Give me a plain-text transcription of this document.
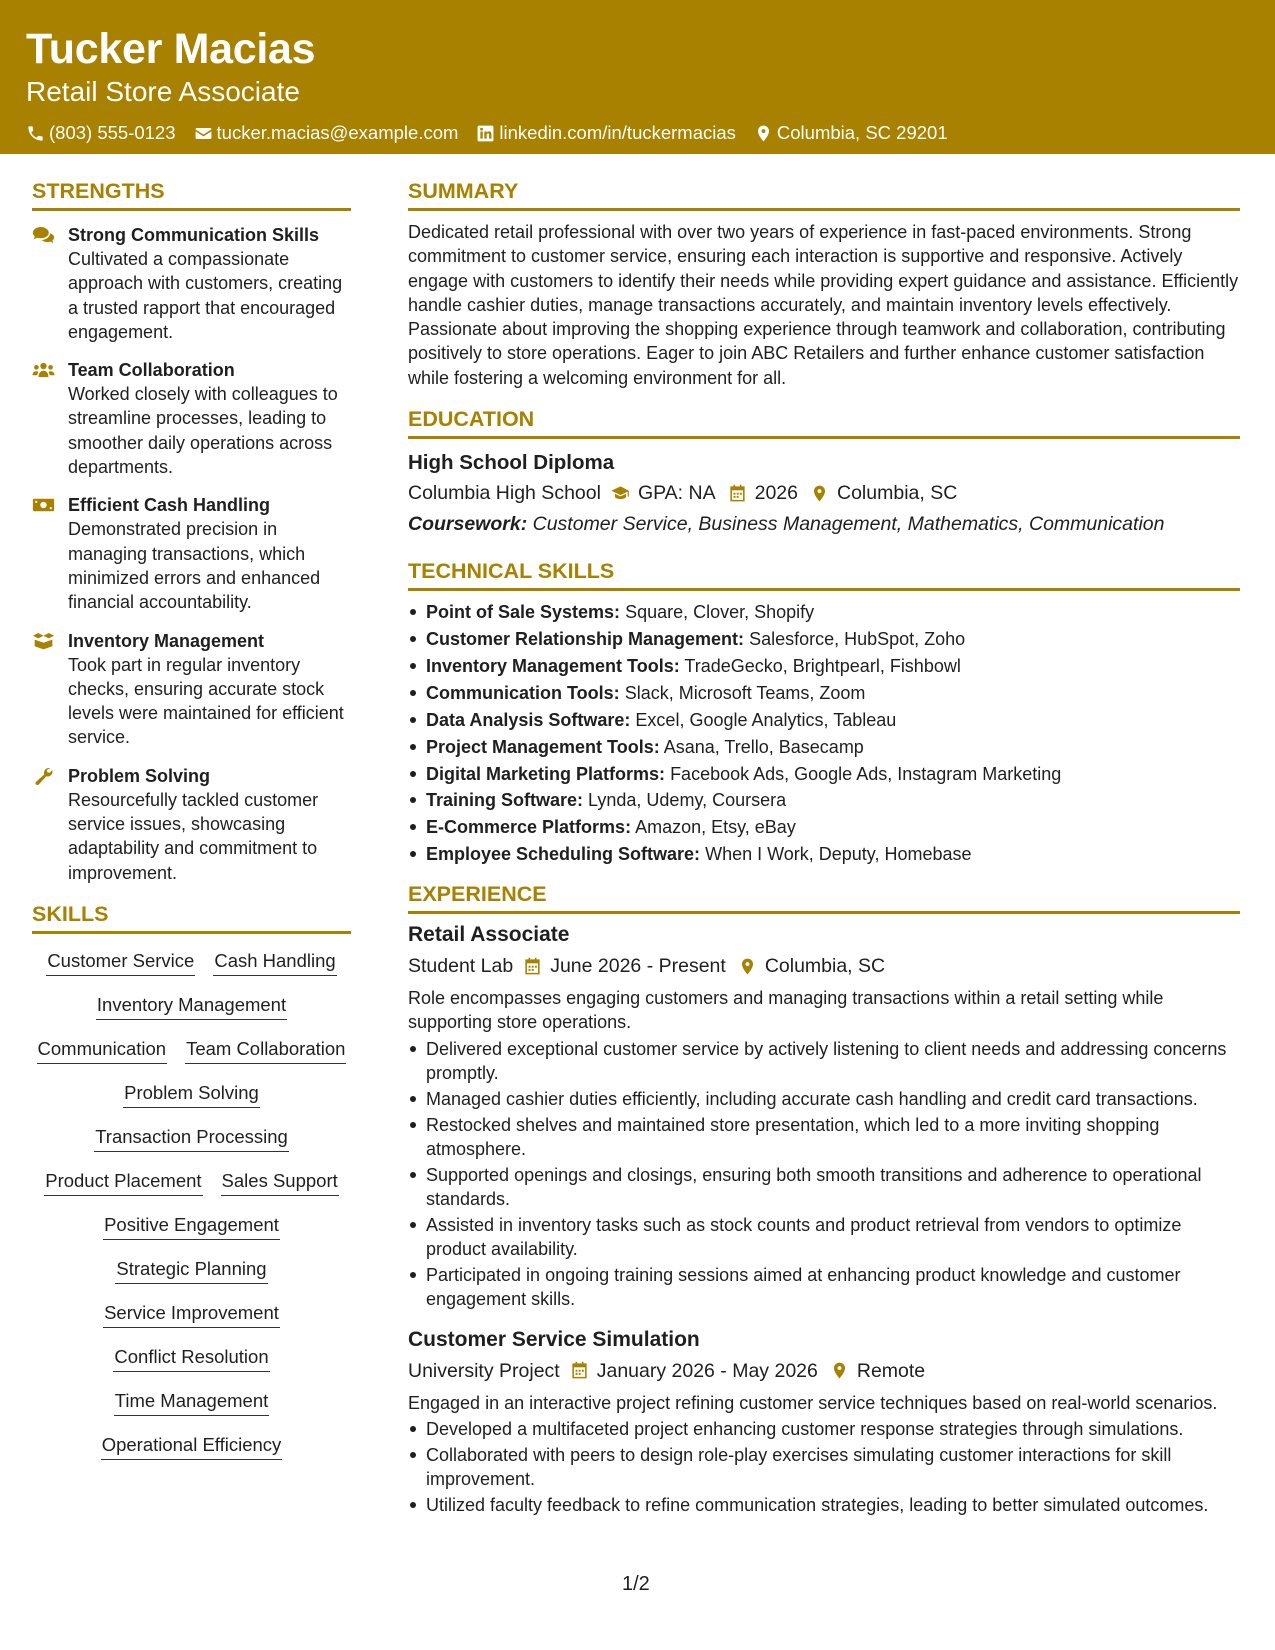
Tucker Macias
Retail Store Associate
(803) 555-0123 tucker.macias@example.com linkedin.com/in/tuckermacias Columbia, SC 29201
STRENGTHS
Strong Communication Skills
Cultivated a compassionate approach with customers, creating a trusted rapport that encouraged engagement.
Team Collaboration
Worked closely with colleagues to streamline processes, leading to smoother daily operations across departments.
Efficient Cash Handling
Demonstrated precision in managing transactions, which minimized errors and enhanced financial accountability.
Inventory Management
Took part in regular inventory checks, ensuring accurate stock levels were maintained for efficient service.
Problem Solving
Resourcefully tackled customer service issues, showcasing adaptability and commitment to improvement.
SKILLS
Customer Service Cash Handling
Inventory Management
Communication Team Collaboration
Problem Solving
Transaction Processing
Product Placement Sales Support
Positive Engagement
Strategic Planning
Service Improvement
Conflict Resolution
Time Management
Operational Efficiency
SUMMARY
Dedicated retail professional with over two years of experience in fast-paced environments. Strong commitment to customer service, ensuring each interaction is supportive and responsive. Actively engage with customers to identify their needs while providing expert guidance and assistance. Efficiently handle cashier duties, manage transactions accurately, and maintain inventory levels effectively. Passionate about improving the shopping experience through teamwork and collaboration, contributing positively to store operations. Eager to join ABC Retailers and further enhance customer satisfaction while fostering a welcoming environment for all.
EDUCATION
High School Diploma
Columbia High School GPA: NA 2026 Columbia, SC
Coursework: Customer Service, Business Management, Mathematics, Communication
TECHNICAL SKILLS
Point of Sale Systems: Square, Clover, Shopify
Customer Relationship Management: Salesforce, HubSpot, Zoho
Inventory Management Tools: TradeGecko, Brightpearl, Fishbowl
Communication Tools: Slack, Microsoft Teams, Zoom
Data Analysis Software: Excel, Google Analytics, Tableau
Project Management Tools: Asana, Trello, Basecamp
Digital Marketing Platforms: Facebook Ads, Google Ads, Instagram Marketing
Training Software: Lynda, Udemy, Coursera
E-Commerce Platforms: Amazon, Etsy, eBay
Employee Scheduling Software: When I Work, Deputy, Homebase
EXPERIENCE
Retail Associate
Student Lab June 2026 - Present Columbia, SC
Role encompasses engaging customers and managing transactions within a retail setting while supporting store operations.
Delivered exceptional customer service by actively listening to client needs and addressing concerns promptly.
Managed cashier duties efficiently, including accurate cash handling and credit card transactions.
Restocked shelves and maintained store presentation, which led to a more inviting shopping atmosphere.
Supported openings and closings, ensuring both smooth transitions and adherence to operational standards.
Assisted in inventory tasks such as stock counts and product retrieval from vendors to optimize product availability.
Participated in ongoing training sessions aimed at enhancing product knowledge and customer engagement skills.
Customer Service Simulation
University Project January 2026 - May 2026 Remote
Engaged in an interactive project refining customer service techniques based on real-world scenarios.
Developed a multifaceted project enhancing customer response strategies through simulations.
Collaborated with peers to design role-play exercises simulating customer interactions for skill improvement.
Utilized faculty feedback to refine communication strategies, leading to better simulated outcomes.
1/2
